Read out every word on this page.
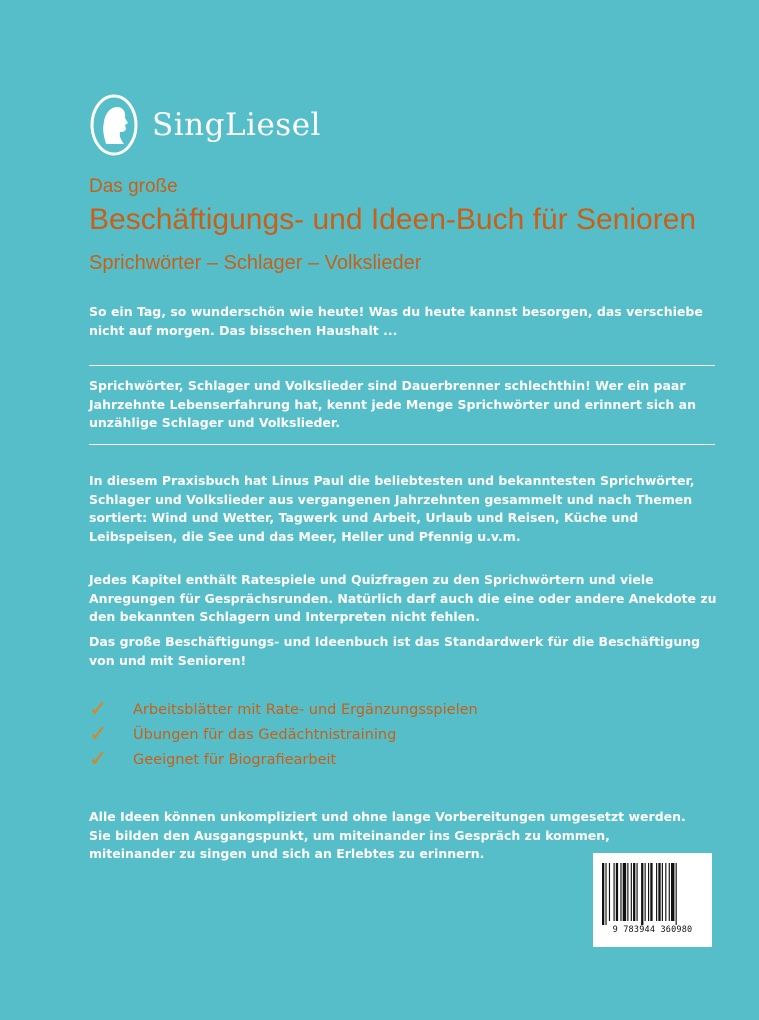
SingLiesel
Das große
Beschäftigungs- und Ideen-Buch für Senioren
Sprichwörter – Schlager – Volkslieder

So ein Tag, so wunderschön wie heute! Was du heute kannst besorgen, das verschiebe nicht auf morgen. Das bisschen Haushalt ...

Sprichwörter, Schlager und Volkslieder sind Dauerbrenner schlechthin! Wer ein paar Jahrzehnte Lebenserfahrung hat, kennt jede Menge Sprichwörter und erinnert sich an unzählige Schlager und Volkslieder.

In diesem Praxisbuch hat Linus Paul die beliebtesten und bekanntesten Sprichwörter, Schlager und Volkslieder aus vergangenen Jahrzehnten gesammelt und nach Themen sortiert: Wind und Wetter, Tagwerk und Arbeit, Urlaub und Reisen, Küche und Leibspeisen, die See und das Meer, Heller und Pfennig u.v.m.

Jedes Kapitel enthält Ratespiele und Quizfragen zu den Sprichwörtern und viele Anregungen für Gesprächsrunden. Natürlich darf auch die eine oder andere Anekdote zu den bekannten Schlagern und Interpreten nicht fehlen.

Das große Beschäftigungs- und Ideenbuch ist das Standardwerk für die Beschäftigung von und mit Senioren!

✓	Arbeitsblätter mit Rate- und Ergänzungsspielen
✓	Übungen für das Gedächtnistraining
✓	Geeignet für Biografiearbeit

Alle Ideen können unkompliziert und ohne lange Vorbereitungen umgesetzt werden. Sie bilden den Ausgangspunkt, um miteinander ins Gespräch zu kommen, miteinander zu singen und sich an Erlebtes zu erinnern.

9 783944 360980
